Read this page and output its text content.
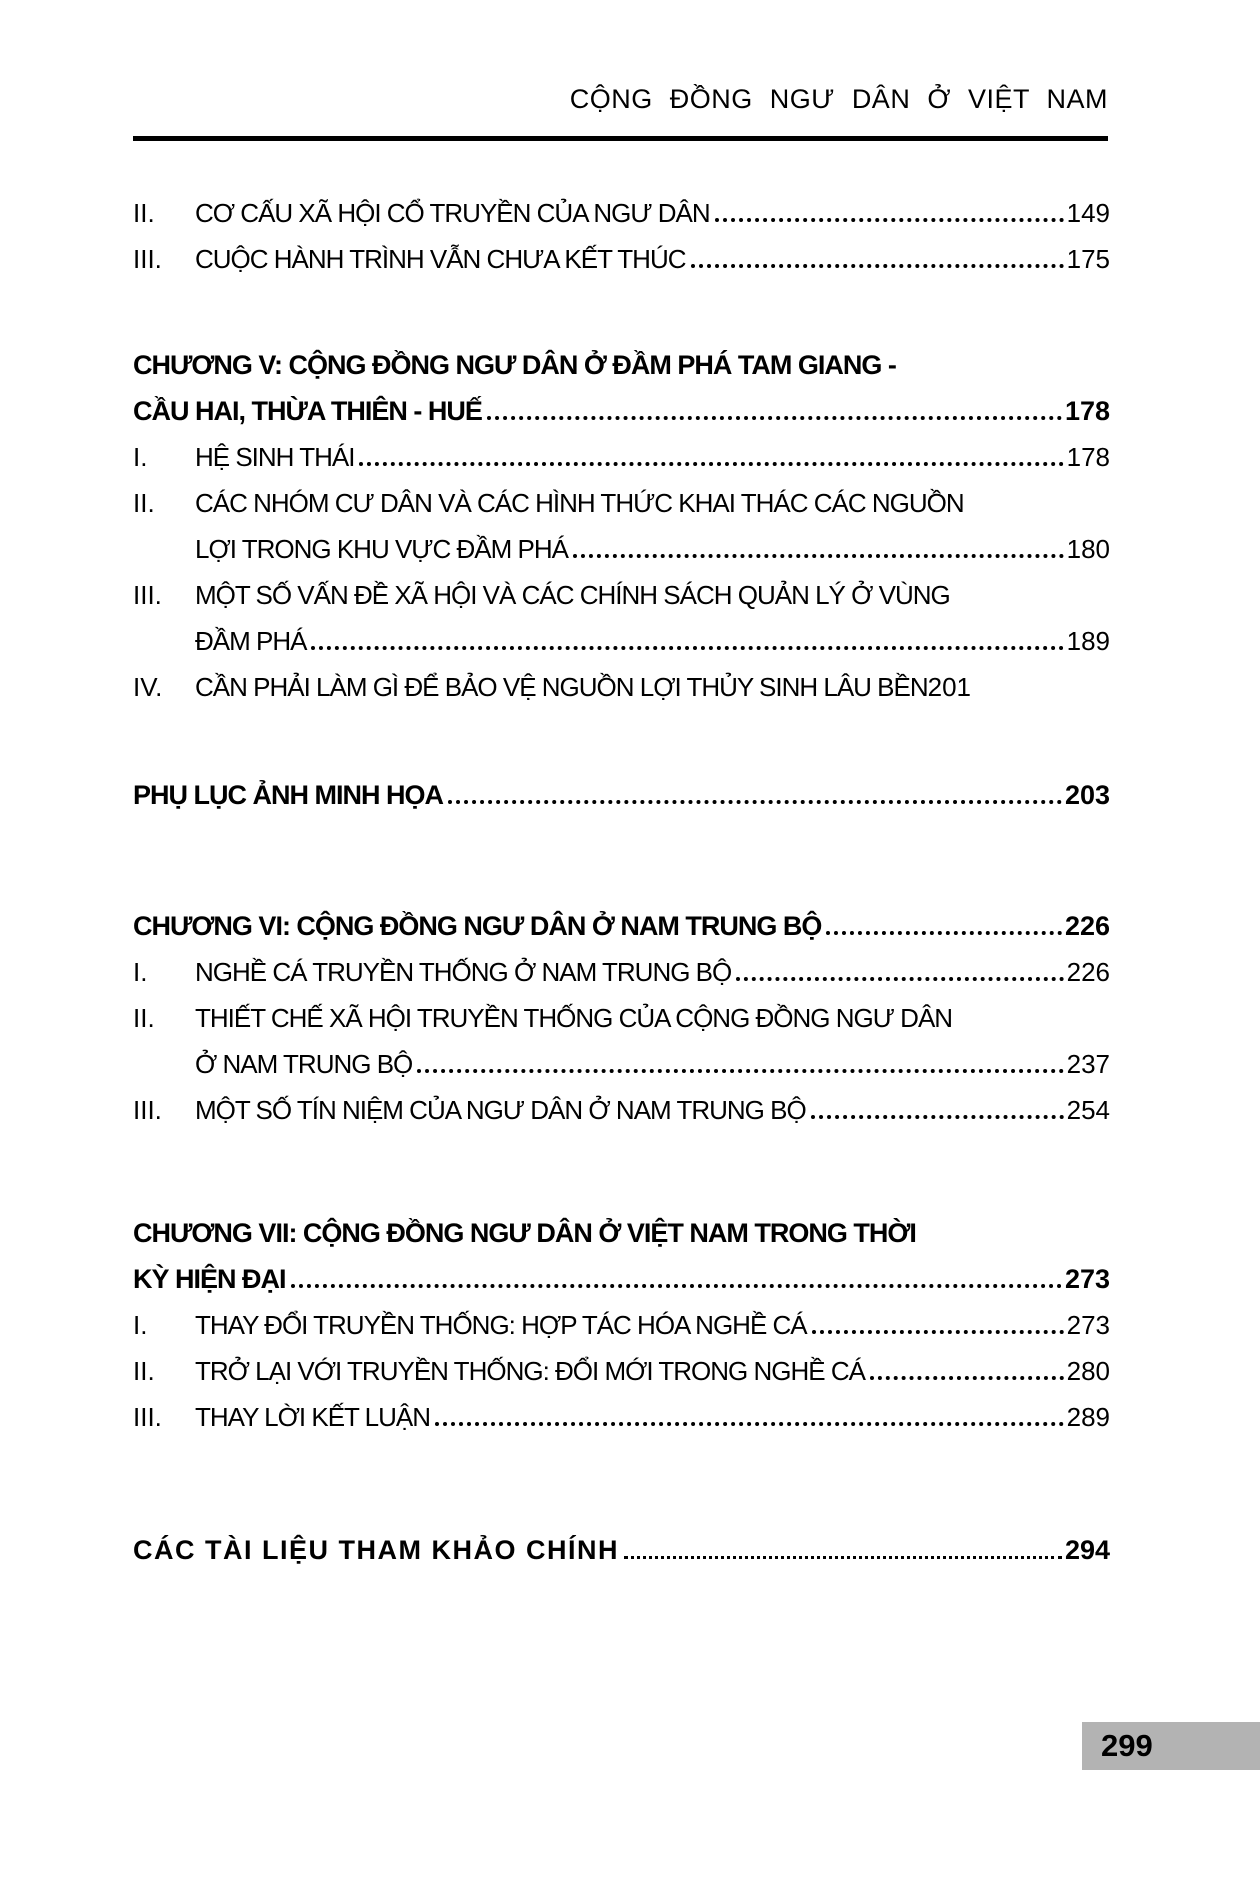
CỘNG ĐỒNG NGƯ DÂN Ở VIỆT NAM
II.	CƠ CẤU XÃ HỘI CỔ TRUYỀN CỦA NGƯ DÂN	149
III.	CUỘC HÀNH TRÌNH VẪN CHƯA KẾT THÚC	175
CHƯƠNG V: CỘNG ĐỒNG NGƯ DÂN Ở ĐẦM PHÁ TAM GIANG -
CẦU HAI, THỪA THIÊN - HUẾ	178
I.	HỆ SINH THÁI	178
II.	CÁC NHÓM CƯ DÂN VÀ CÁC HÌNH THỨC KHAI THÁC CÁC NGUỒN
LỢI TRONG KHU VỰC ĐẦM PHÁ	180
III.	MỘT SỐ VẤN ĐỀ XÃ HỘI VÀ CÁC CHÍNH SÁCH QUẢN LÝ Ở VÙNG
ĐẦM PHÁ	189
IV.	CẦN PHẢI LÀM GÌ ĐỂ BẢO VỆ NGUỒN LỢI THỦY SINH LÂU BỀN 201
PHỤ LỤC ẢNH MINH HỌA	203
CHƯƠNG VI: CỘNG ĐỒNG NGƯ DÂN Ở NAM TRUNG BỘ	226
I.	NGHỀ CÁ TRUYỀN THỐNG Ở NAM TRUNG BỘ	226
II.	THIẾT CHẾ XÃ HỘI TRUYỀN THỐNG CỦA CỘNG ĐỒNG NGƯ DÂN
Ở NAM TRUNG BỘ	237
III.	MỘT SỐ TÍN NIỆM CỦA NGƯ DÂN Ở NAM TRUNG BỘ	254
CHƯƠNG VII: CỘNG ĐỒNG NGƯ DÂN Ở VIỆT NAM TRONG THỜI
KỲ HIỆN ĐẠI	273
I.	THAY ĐỔI TRUYỀN THỐNG: HỢP TÁC HÓA NGHỀ CÁ	273
II.	TRỞ LẠI VỚI TRUYỀN THỐNG: ĐỔI MỚI TRONG NGHỀ CÁ	280
III.	THAY LỜI KẾT LUẬN	289
CÁC TÀI LIỆU THAM KHẢO CHÍNH	294
299
